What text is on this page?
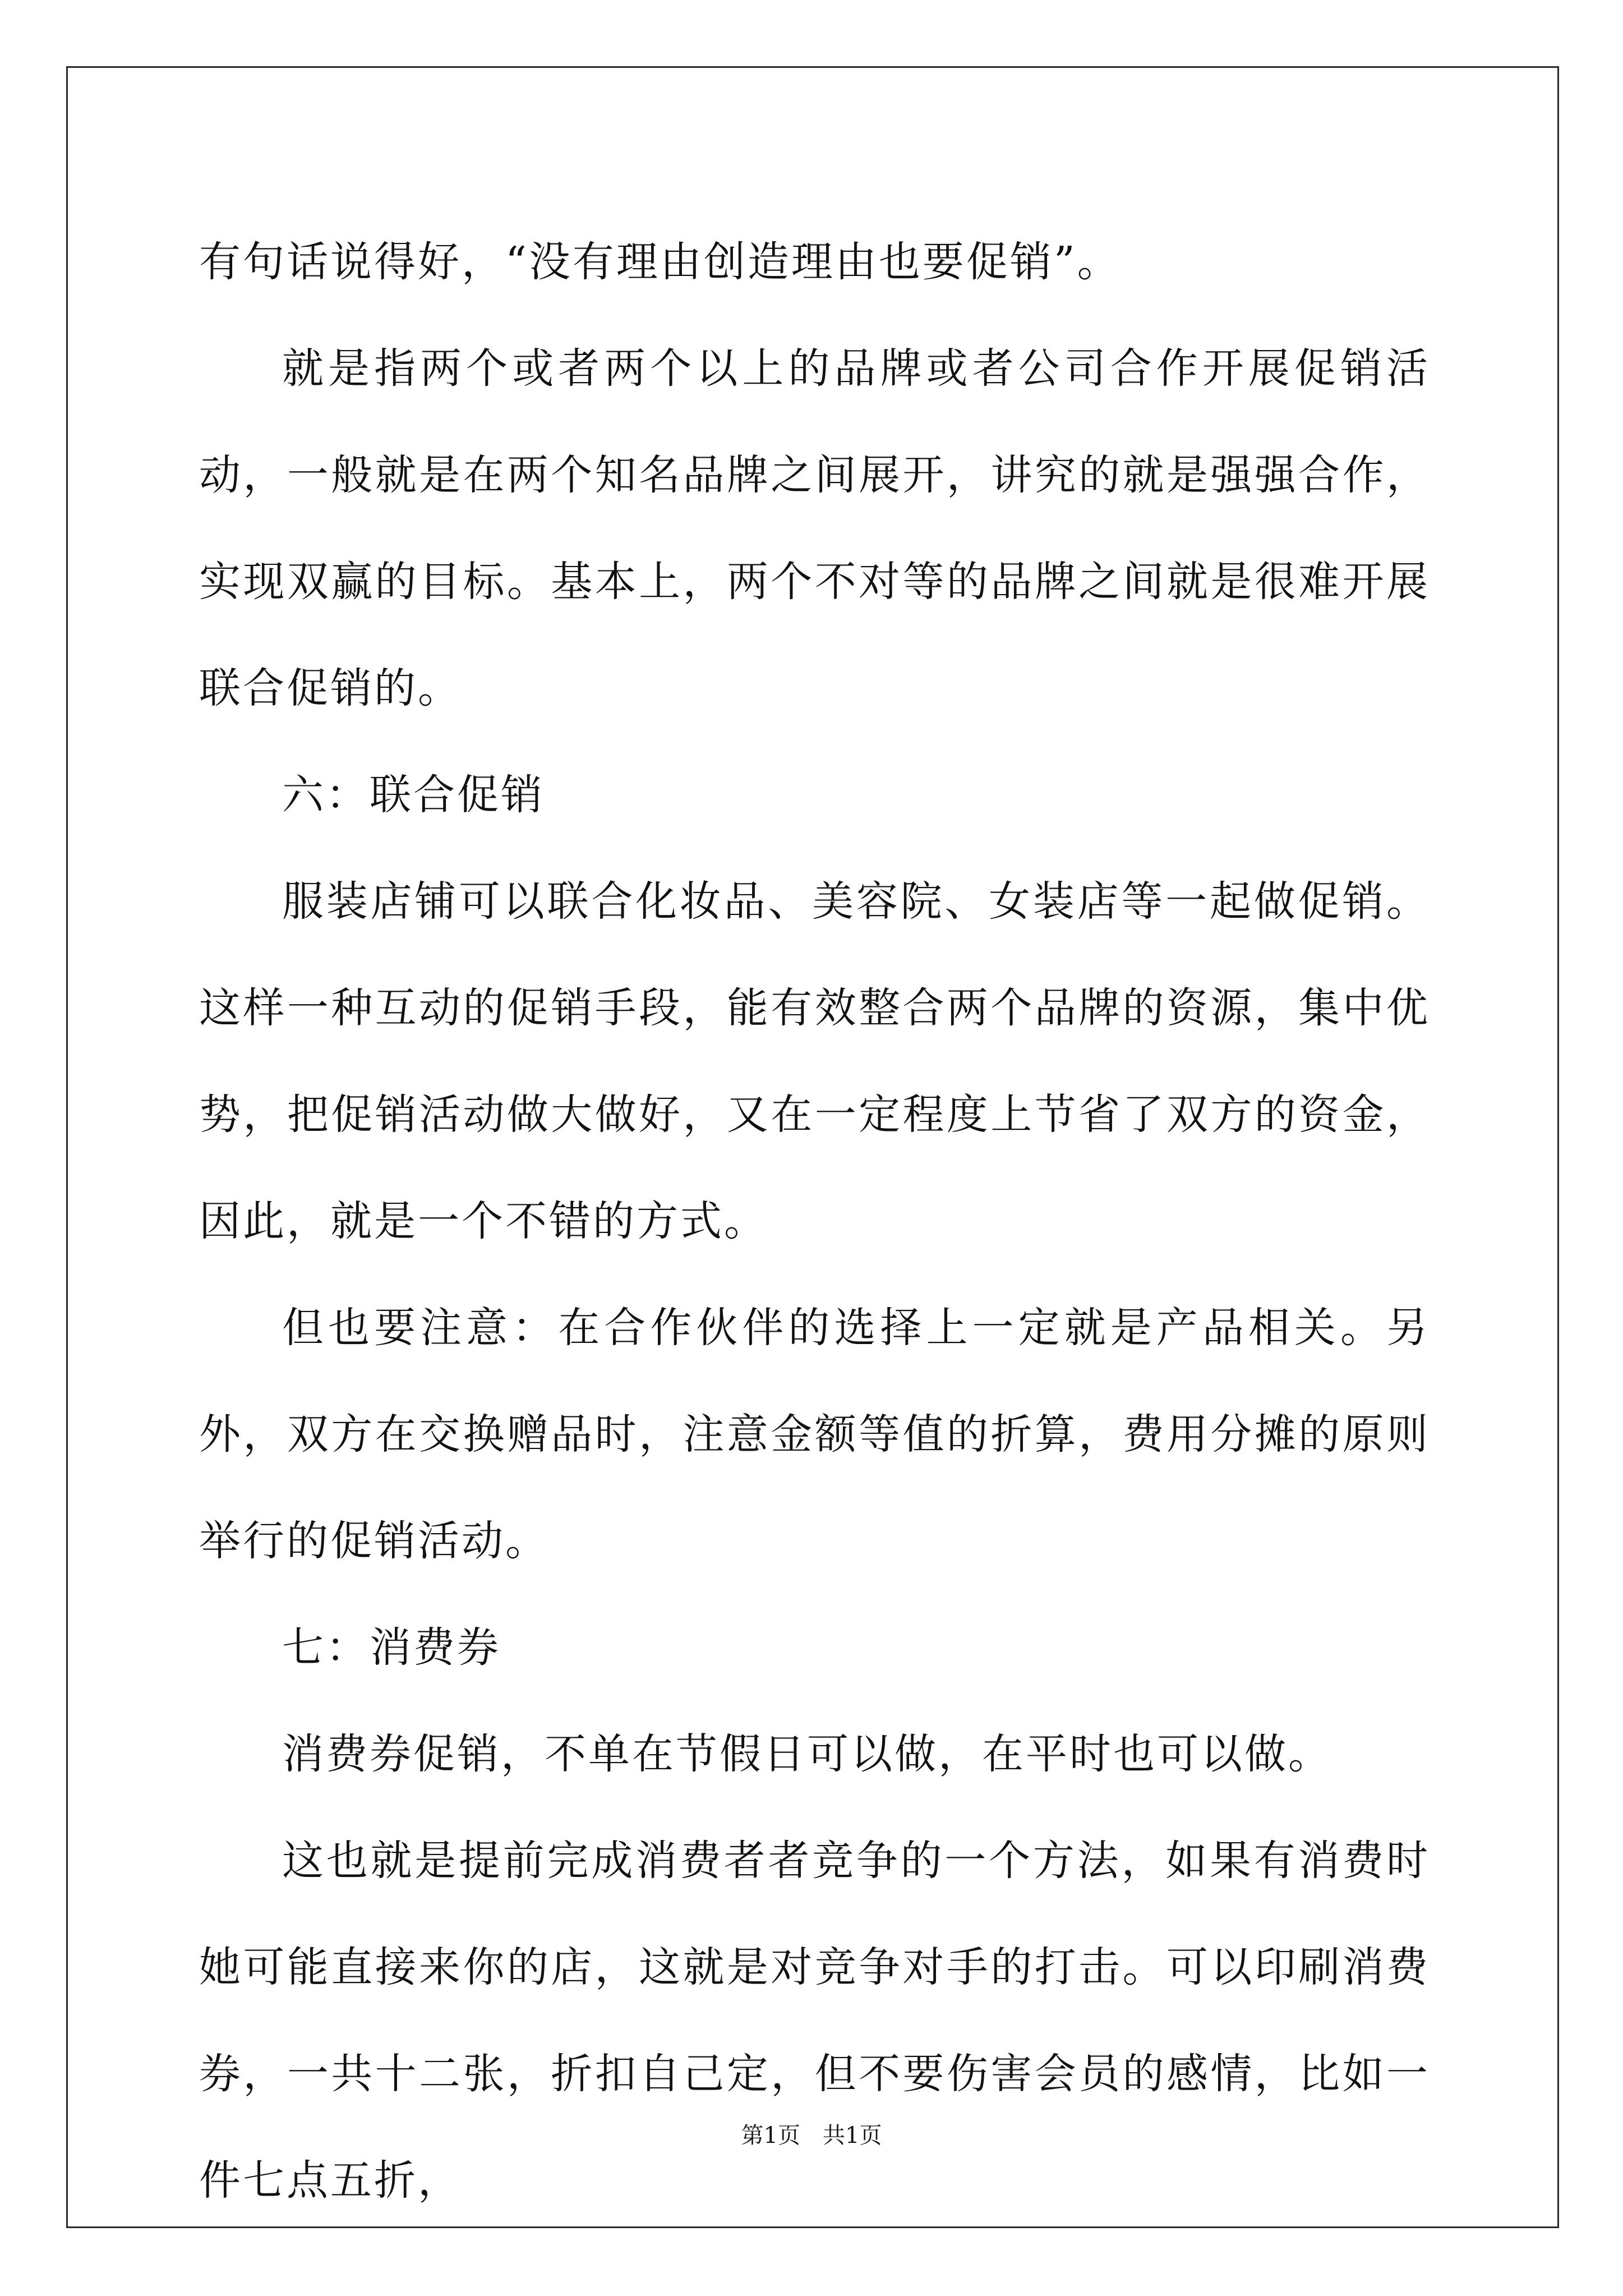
有句话说得好，“没有理由创造理由也要促销”。

就是指两个或者两个以上的品牌或者公司合作开展促销活动，一般就是在两个知名品牌之间展开，讲究的就是强强合作，实现双赢的目标。基本上，两个不对等的品牌之间就是很难开展联合促销的。

六：联合促销

服装店铺可以联合化妆品、美容院、女装店等一起做促销。这样一种互动的促销手段，能有效整合两个品牌的资源，集中优势，把促销活动做大做好，又在一定程度上节省了双方的资金，因此，就是一个不错的方式。

但也要注意：在合作伙伴的选择上一定就是产品相关。另外，双方在交换赠品时，注意金额等值的折算，费用分摊的原则举行的促销活动。

七：消费券

消费券促销，不单在节假日可以做，在平时也可以做。

这也就是提前完成消费者者竞争的一个方法，如果有消费时她可能直接来你的店，这就是对竞争对手的打击。可以印刷消费券，一共十二张，折扣自己定，但不要伤害会员的感情，比如一件七点五折，

第1页 共1页
